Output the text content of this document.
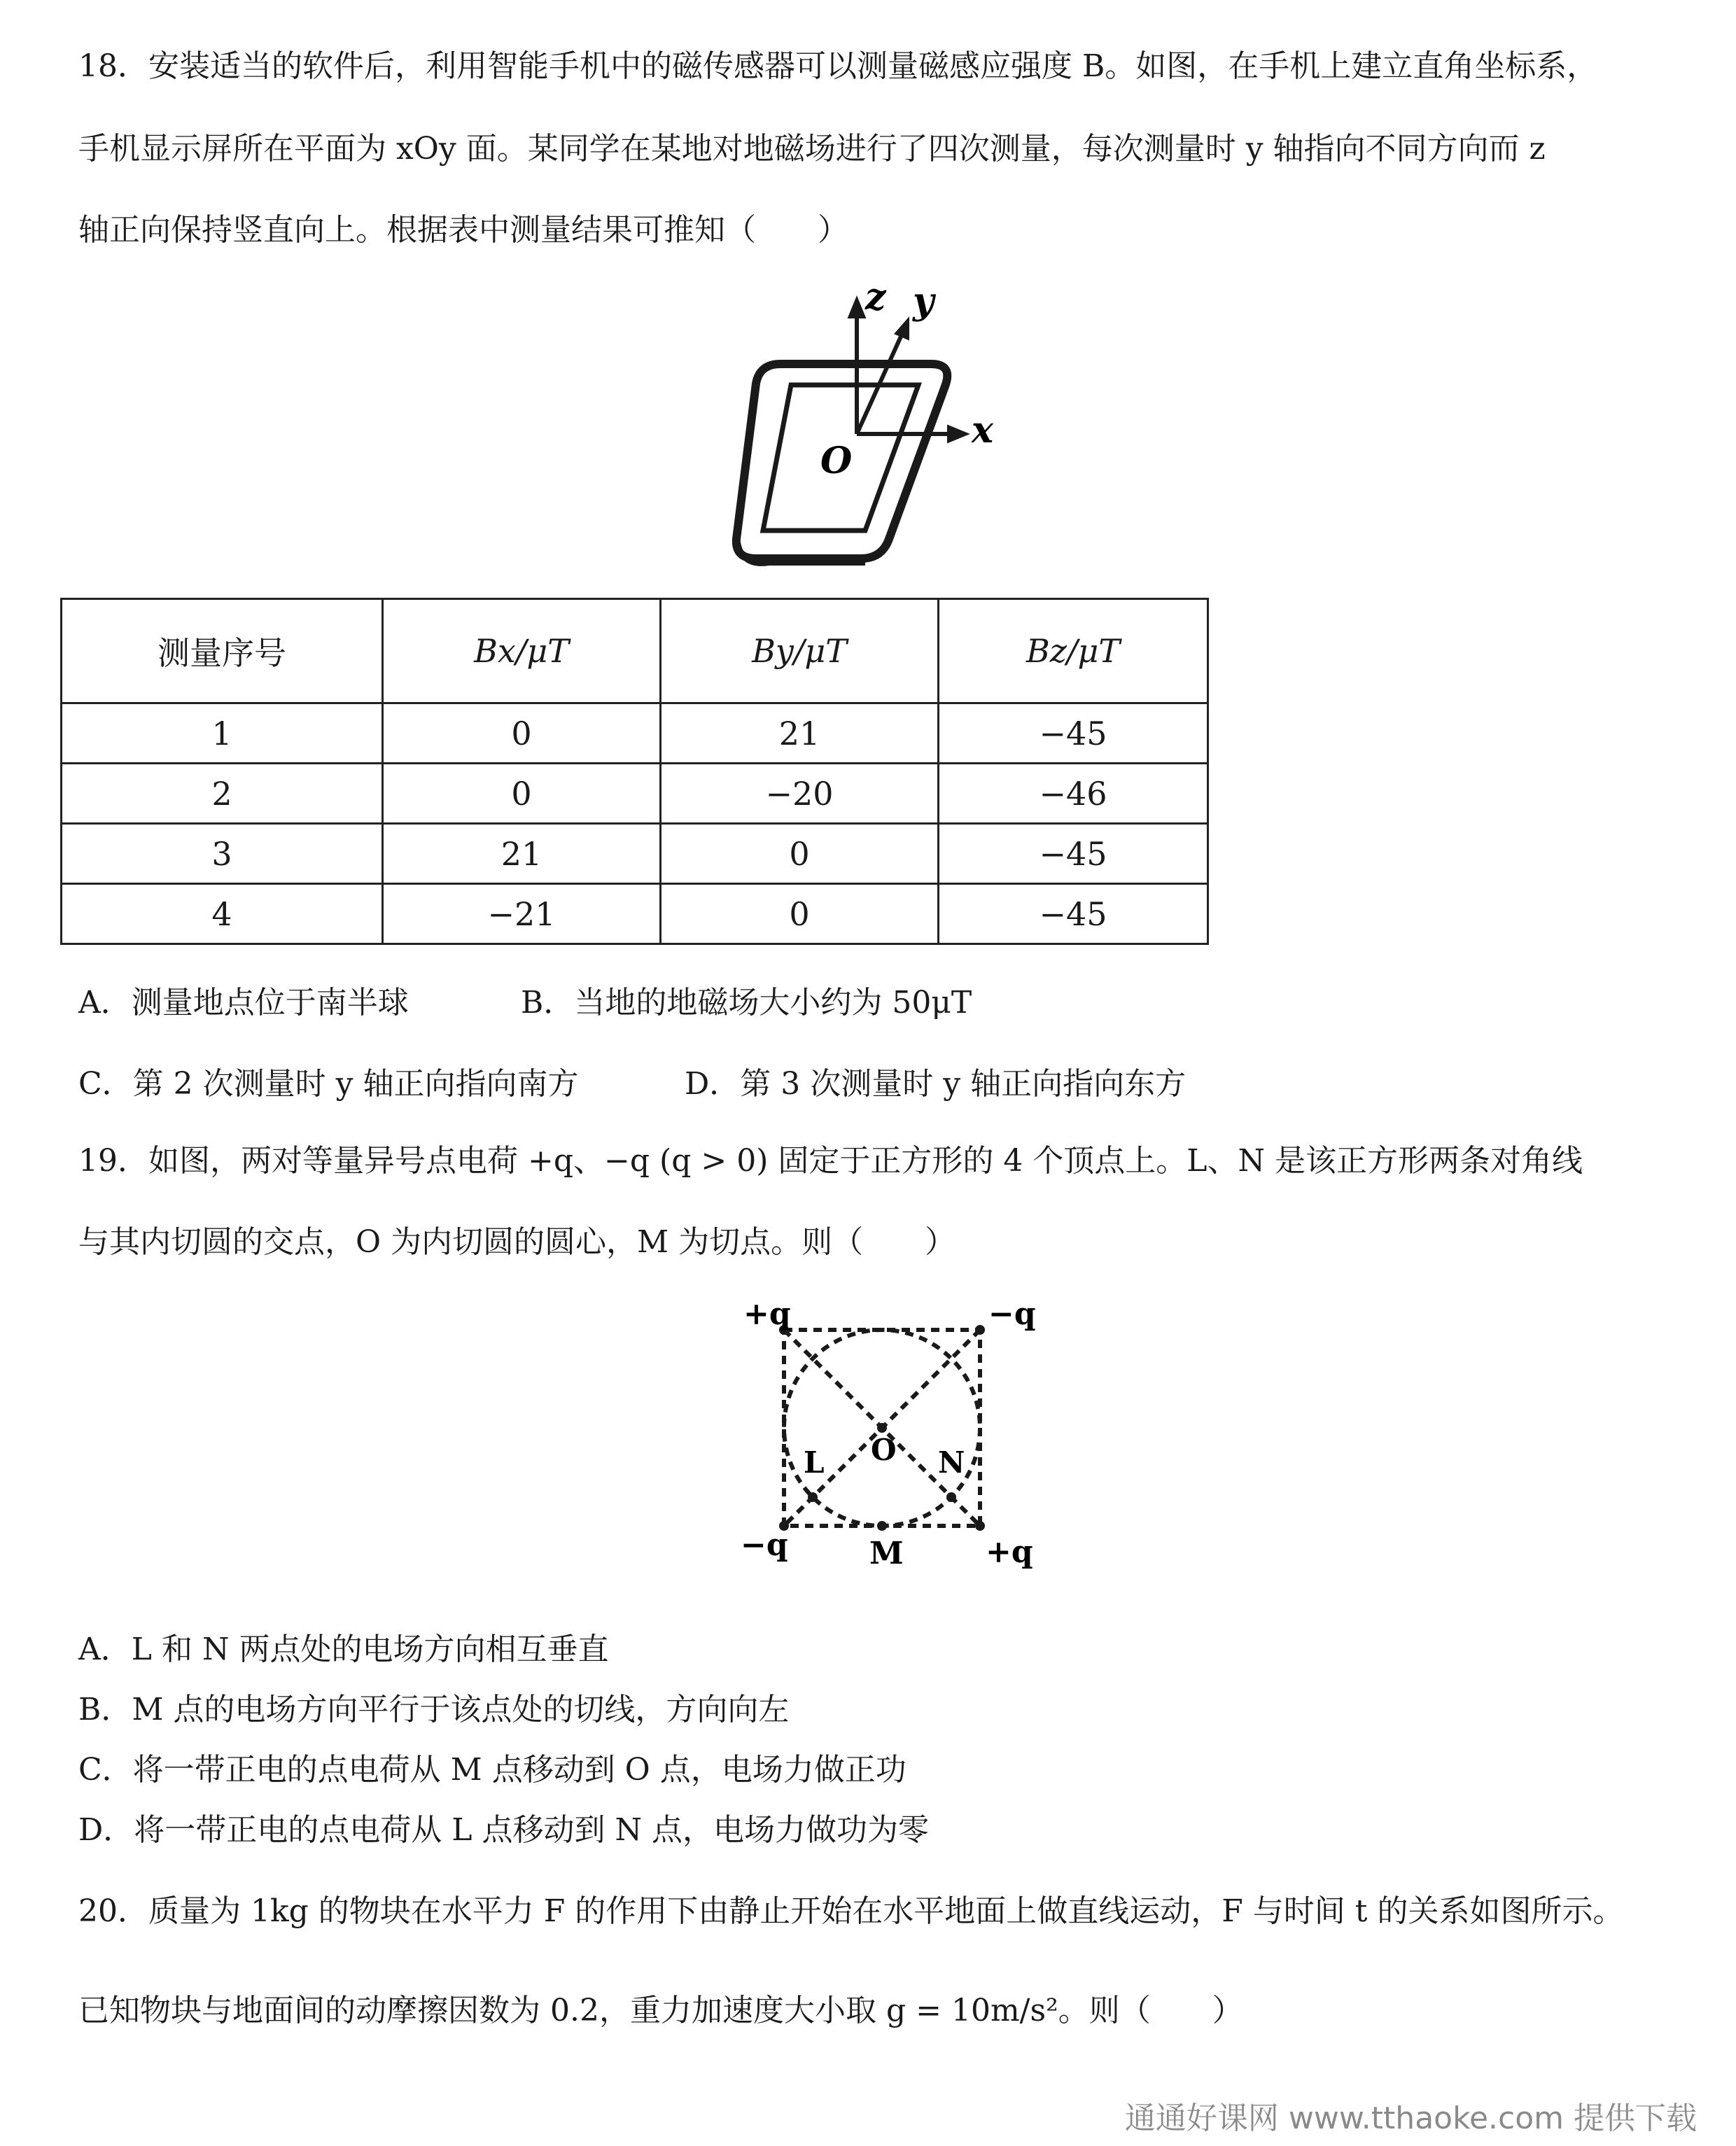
18．安装适当的软件后，利用智能手机中的磁传感器可以测量磁感应强度 B。如图，在手机上建立直角坐标系，
手机显示屏所在平面为 xOy 面。某同学在某地对地磁场进行了四次测量，每次测量时 y 轴指向不同方向而 z
轴正向保持竖直向上。根据表中测量结果可推知（　　）
z y
x
O
测量序号	Bx/μT	By/μT	Bz/μT
1	0	21	−45
2	0	−20	−46
3	21	0	−45
4	−21	0	−45
A．测量地点位于南半球	B．当地的地磁场大小约为 50μT
C．第 2 次测量时 y 轴正向指向南方	D．第 3 次测量时 y 轴正向指向东方
19．如图，两对等量异号点电荷 +q、−q (q > 0) 固定于正方形的 4 个顶点上。L、N 是该正方形两条对角线
与其内切圆的交点，O 为内切圆的圆心，M 为切点。则（　　）
+q	−q
−q	+q
L O N
M
A．L 和 N 两点处的电场方向相互垂直
B．M 点的电场方向平行于该点处的切线，方向向左
C．将一带正电的点电荷从 M 点移动到 O 点，电场力做正功
D．将一带正电的点电荷从 L 点移动到 N 点，电场力做功为零
20．质量为 1kg 的物块在水平力 F 的作用下由静止开始在水平地面上做直线运动，F 与时间 t 的关系如图所示。
已知物块与地面间的动摩擦因数为 0.2，重力加速度大小取 g = 10m/s²。则（　　）
通通好课网 www.tthaoke.com 提供下载
